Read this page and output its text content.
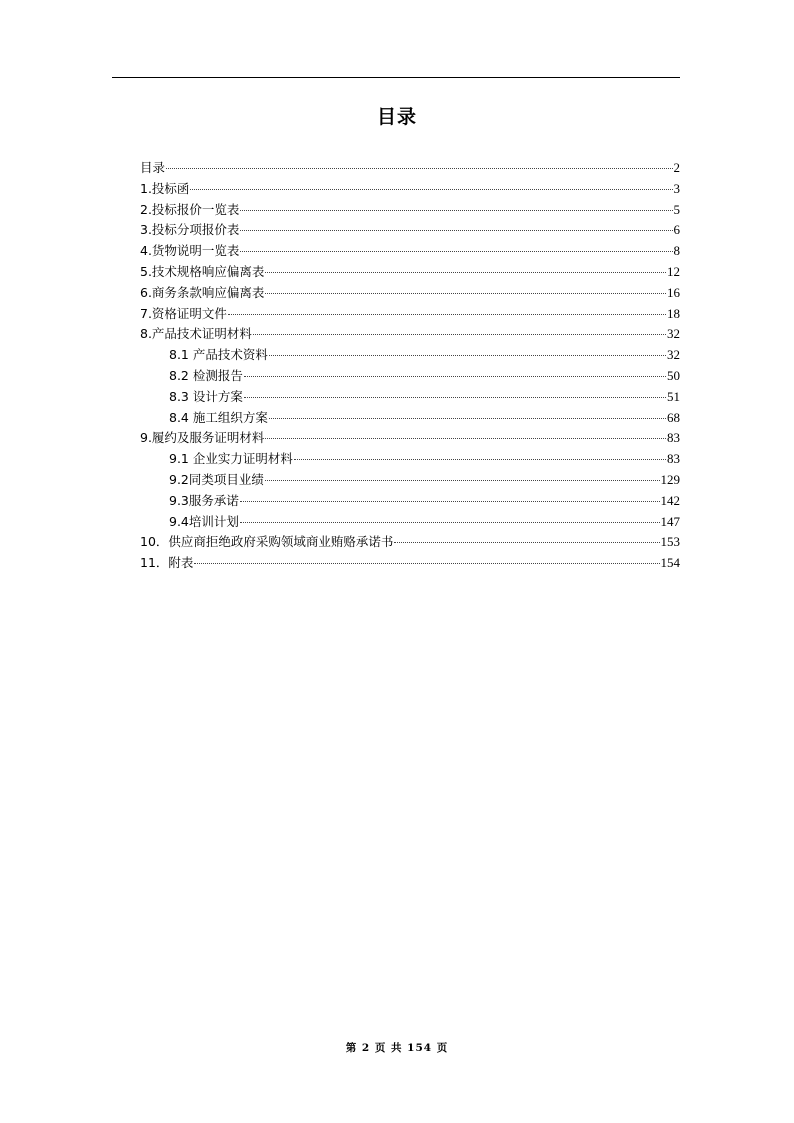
目录
目录	2
1.投标函	3
2.投标报价一览表	5
3.投标分项报价表	6
4.货物说明一览表	8
5.技术规格响应偏离表	12
6.商务条款响应偏离表	16
7.资格证明文件	18
8.产品技术证明材料	32
8.1 产品技术资料	32
8.2 检测报告	50
8.3 设计方案	51
8.4 施工组织方案	68
9.履约及服务证明材料	83
9.1 企业实力证明材料	83
9.2同类项目业绩	129
9.3服务承诺	142
9.4培训计划	147
10．供应商拒绝政府采购领域商业贿赂承诺书	153
11．附表	154
第 2 页 共 154 页
